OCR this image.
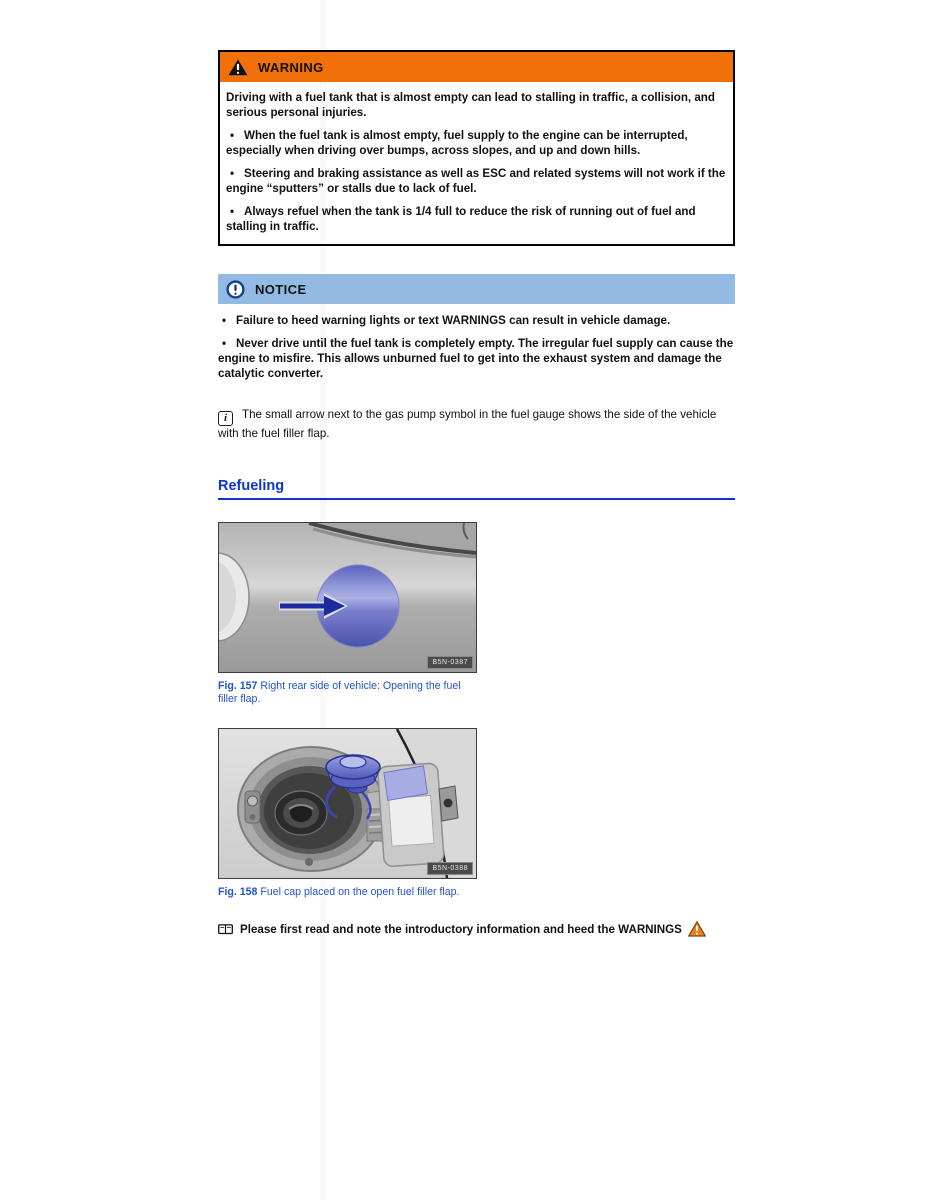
WARNING

Driving with a fuel tank that is almost empty can lead to stalling in traffic, a collision, and serious personal injuries.

• When the fuel tank is almost empty, fuel supply to the engine can be interrupted, especially when driving over bumps, across slopes, and up and down hills.

• Steering and braking assistance as well as ESC and related systems will not work if the engine “sputters” or stalls due to lack of fuel.

• Always refuel when the tank is 1/4 full to reduce the risk of running out of fuel and stalling in traffic.

NOTICE

• Failure to heed warning lights or text WARNINGS can result in vehicle damage.

• Never drive until the fuel tank is completely empty. The irregular fuel supply can cause the engine to misfire. This allows unburned fuel to get into the exhaust system and damage the catalytic converter.

i The small arrow next to the gas pump symbol in the fuel gauge shows the side of the vehicle with the fuel filler flap.

Refueling
B5N-0387
Fig. 157 Right rear side of vehicle: Opening the fuel filler flap.
B5N-0388
Fig. 158 Fuel cap placed on the open fuel filler flap.

Please first read and note the introductory information and heed the WARNINGS
